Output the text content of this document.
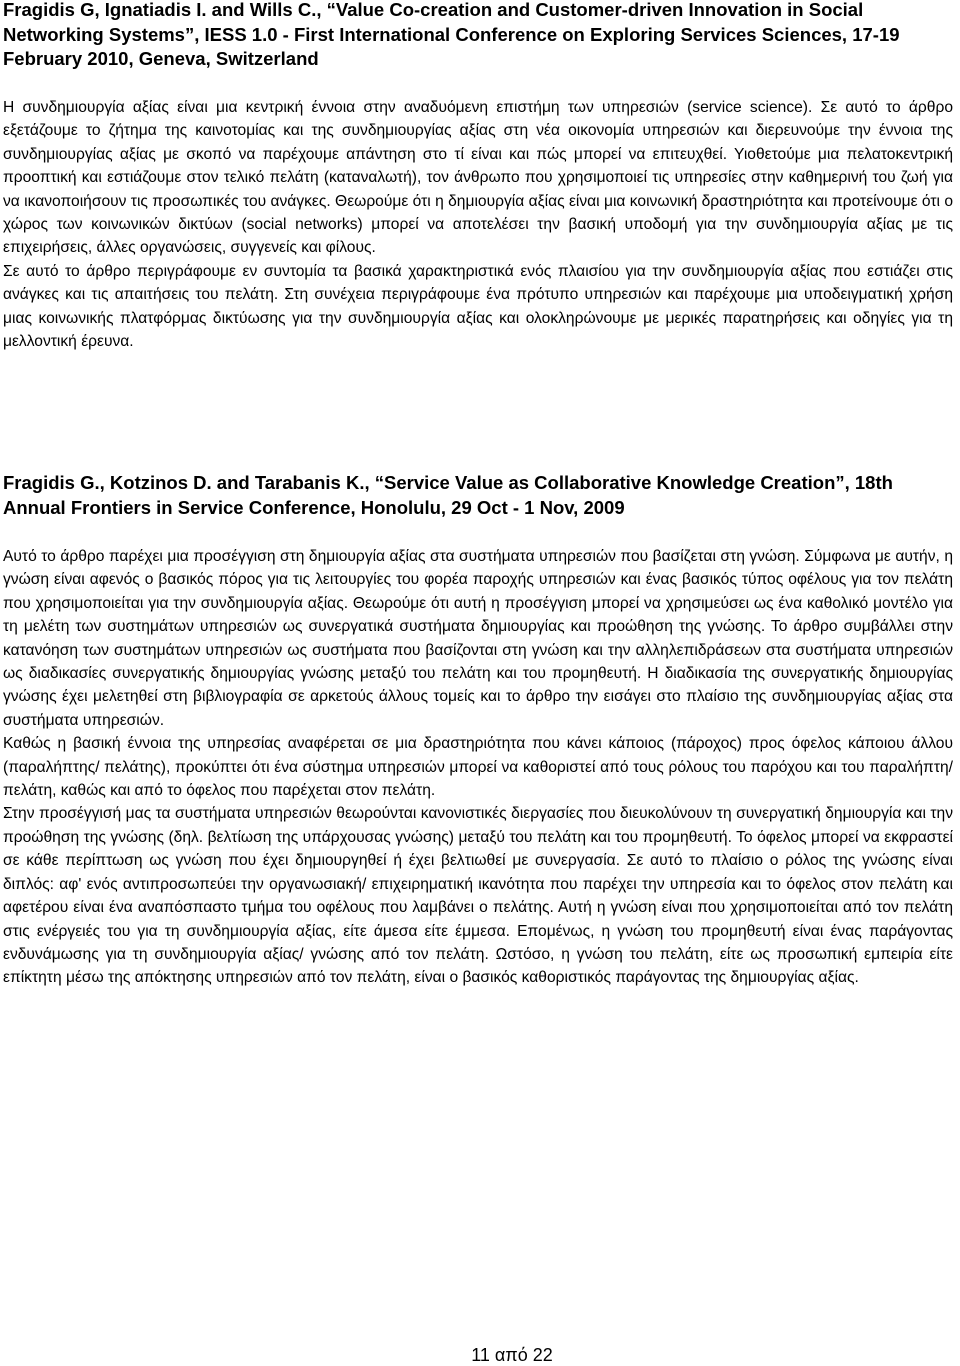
Fragidis G, Ignatiadis I. and Wills C., “Value Co-creation and Customer-driven Innovation in Social Networking Systems”, IESS 1.0 - First International Conference on Exploring Services Sciences, 17-19 February 2010, Geneva, Switzerland

Η συνδημιουργία αξίας είναι μια κεντρική έννοια στην αναδυόμενη επιστήμη των υπηρεσιών (service science). Σε αυτό το άρθρο εξετάζουμε το ζήτημα της καινοτομίας και της συνδημιουργίας αξίας στη νέα οικονομία υπηρεσιών και διερευνούμε την έννοια της συνδημιουργίας αξίας με σκοπό να παρέχουμε απάντηση στο τί είναι και πώς μπορεί να επιτευχθεί. Υιοθετούμε μια πελατοκεντρική προοπτική και εστιάζουμε στον τελικό πελάτη (καταναλωτή), τον άνθρωπο που χρησιμοποιεί τις υπηρεσίες στην καθημερινή του ζωή για να ικανοποιήσουν τις προσωπικές του ανάγκες. Θεωρούμε ότι η δημιουργία αξίας είναι μια κοινωνική δραστηριότητα και προτείνουμε ότι ο χώρος των κοινωνικών δικτύων (social networks) μπορεί να αποτελέσει την βασική υποδομή για την συνδημιουργία αξίας με τις επιχειρήσεις, άλλες οργανώσεις, συγγενείς και φίλους.

Σε αυτό το άρθρο περιγράφουμε εν συντομία τα βασικά χαρακτηριστικά ενός πλαισίου για την συνδημιουργία αξίας που εστιάζει στις ανάγκες και τις απαιτήσεις του πελάτη. Στη συνέχεια περιγράφουμε ένα πρότυπο υπηρεσιών και παρέχουμε μια υποδειγματική χρήση μιας κοινωνικής πλατφόρμας δικτύωσης για την συνδημιουργία αξίας και ολοκληρώνουμε με μερικές παρατηρήσεις και οδηγίες για τη μελλοντική έρευνα.

Fragidis G., Kotzinos D. and Tarabanis K., “Service Value as Collaborative Knowledge Creation”, 18th Annual Frontiers in Service Conference, Honolulu, 29 Oct - 1 Nov, 2009

Αυτό το άρθρο παρέχει μια προσέγγιση στη δημιουργία αξίας στα συστήματα υπηρεσιών που βασίζεται στη γνώση. Σύμφωνα με αυτήν, η γνώση είναι αφενός ο βασικός πόρος για τις λειτουργίες του φορέα παροχής υπηρεσιών και ένας βασικός τύπος οφέλους για τον πελάτη που χρησιμοποιείται για την συνδημιουργία αξίας. Θεωρούμε ότι αυτή η προσέγγιση μπορεί να χρησιμεύσει ως ένα καθολικό μοντέλο για τη μελέτη των συστημάτων υπηρεσιών ως συνεργατικά συστήματα δημιουργίας και προώθηση της γνώσης. Το άρθρο συμβάλλει στην κατανόηση των συστημάτων υπηρεσιών ως συστήματα που βασίζονται στη γνώση και την αλληλεπιδράσεων στα συστήματα υπηρεσιών ως διαδικασίες συνεργατικής δημιουργίας γνώσης μεταξύ του πελάτη και του προμηθευτή. Η διαδικασία της συνεργατικής δημιουργίας γνώσης έχει μελετηθεί στη βιβλιογραφία σε αρκετούς άλλους τομείς και το άρθρο την εισάγει στο πλαίσιο της συνδημιουργίας αξίας στα συστήματα υπηρεσιών.

Καθώς η βασική έννοια της υπηρεσίας αναφέρεται σε μια δραστηριότητα που κάνει κάποιος (πάροχος) προς όφελος κάποιου άλλου (παραλήπτης/ πελάτης), προκύπτει ότι ένα σύστημα υπηρεσιών μπορεί να καθοριστεί από τους ρόλους του παρόχου και του παραλήπτη/ πελάτη, καθώς και από το όφελος που παρέχεται στον πελάτη.

Στην προσέγγισή μας τα συστήματα υπηρεσιών θεωρούνται κανονιστικές διεργασίες που διευκολύνουν τη συνεργατική δημιουργία και την προώθηση της γνώσης (δηλ. βελτίωση της υπάρχουσας γνώσης) μεταξύ του πελάτη και του προμηθευτή. Το όφελος μπορεί να εκφραστεί σε κάθε περίπτωση ως γνώση που έχει δημιουργηθεί ή έχει βελτιωθεί με συνεργασία. Σε αυτό το πλαίσιο ο ρόλος της γνώσης είναι διπλός: αφ' ενός αντιπροσωπεύει την οργανωσιακή/ επιχειρηματική ικανότητα που παρέχει την υπηρεσία και το όφελος στον πελάτη και αφετέρου είναι ένα αναπόσπαστο τμήμα του οφέλους που λαμβάνει ο πελάτης. Αυτή η γνώση είναι που χρησιμοποιείται από τον πελάτη στις ενέργειές του για τη συνδημιουργία αξίας, είτε άμεσα είτε έμμεσα. Επομένως, η γνώση του προμηθευτή είναι ένας παράγοντας ενδυνάμωσης για τη συνδημιουργία αξίας/ γνώσης από τον πελάτη. Ωστόσο, η γνώση του πελάτη, είτε ως προσωπική εμπειρία είτε επίκτητη μέσω της απόκτησης υπηρεσιών από τον πελάτη, είναι ο βασικός καθοριστικός παράγοντας της δημιουργίας αξίας.

11 από 22
